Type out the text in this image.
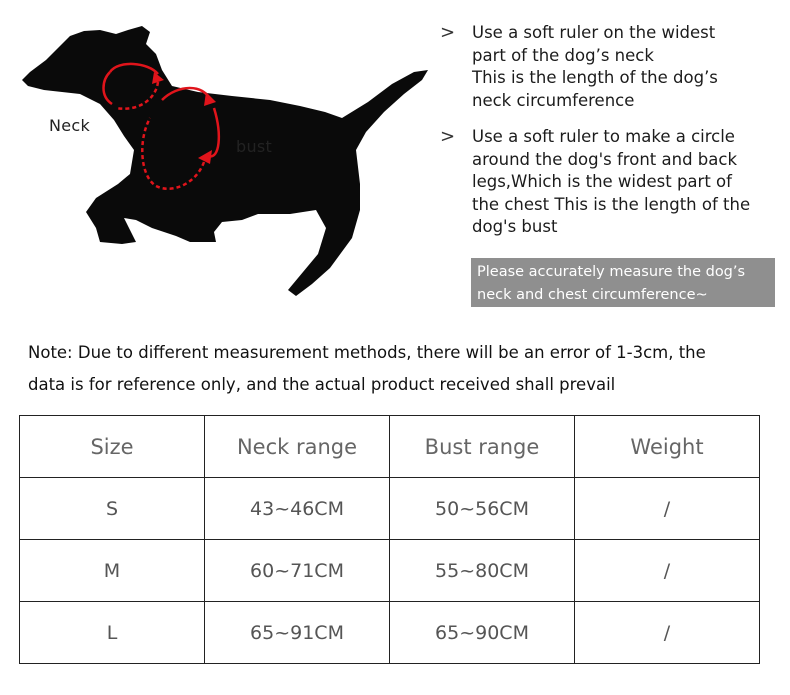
Neck
bust
> Use a soft ruler on the widest
part of the dog’s neck
This is the length of the dog’s
neck circumference
> Use a soft ruler to make a circle
around the dog's front and back
legs,Which is the widest part of
the chest This is the length of the
dog's bust
Please accurately measure the dog’s
neck and chest circumference~
Note: Due to different measurement methods, there will be an error of 1-3cm, the
data is for reference only, and the actual product received shall prevail
Size	Neck range	Bust range	Weight
S	43~46CM	50~56CM	/
M	60~71CM	55~80CM	/
L	65~91CM	65~90CM	/
